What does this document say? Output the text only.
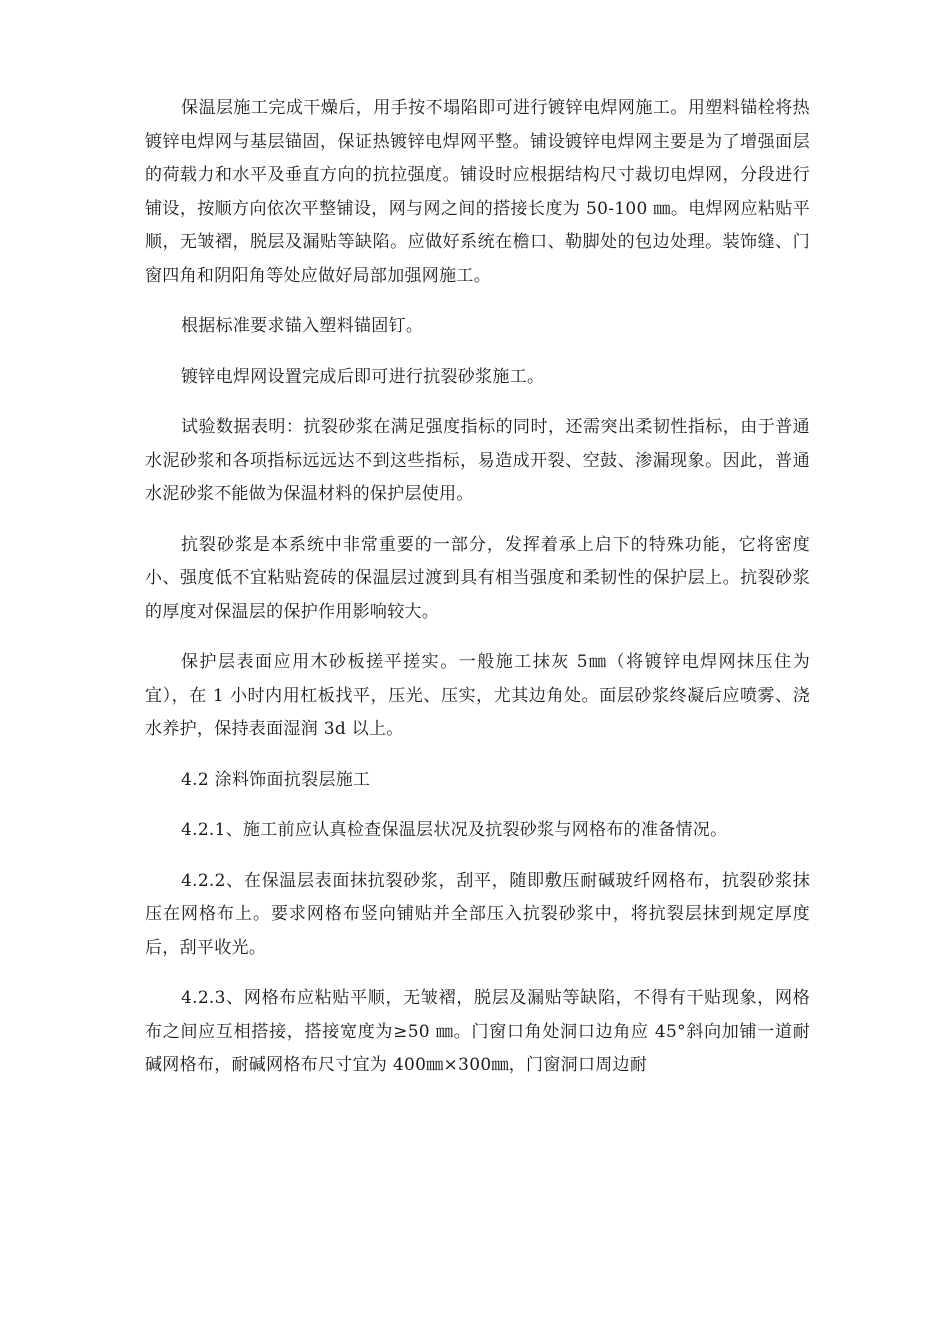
保温层施工完成干燥后，用手按不塌陷即可进行镀锌电焊网施工。用塑料锚栓将热镀锌电焊网与基层锚固，保证热镀锌电焊网平整。铺设镀锌电焊网主要是为了增强面层的荷载力和水平及垂直方向的抗拉强度。铺设时应根据结构尺寸裁切电焊网，分段进行铺设，按顺方向依次平整铺设，网与网之间的搭接长度为 50-100 ㎜。电焊网应粘贴平顺，无皱褶，脱层及漏贴等缺陷。应做好系统在檐口、勒脚处的包边处理。装饰缝、门窗四角和阴阳角等处应做好局部加强网施工。

根据标准要求锚入塑料锚固钉。

镀锌电焊网设置完成后即可进行抗裂砂浆施工。

试验数据表明：抗裂砂浆在满足强度指标的同时，还需突出柔韧性指标，由于普通水泥砂浆和各项指标远远达不到这些指标，易造成开裂、空鼓、渗漏现象。因此，普通水泥砂浆不能做为保温材料的保护层使用。

抗裂砂浆是本系统中非常重要的一部分，发挥着承上启下的特殊功能，它将密度小、强度低不宜粘贴瓷砖的保温层过渡到具有相当强度和柔韧性的保护层上。抗裂砂浆的厚度对保温层的保护作用影响较大。

保护层表面应用木砂板搓平搓实。一般施工抹灰 5㎜（将镀锌电焊网抹压住为宜），在 1 小时内用杠板找平，压光、压实，尤其边角处。面层砂浆终凝后应喷雾、浇水养护，保持表面湿润 3d 以上。

4.2 涂料饰面抗裂层施工

4.2.1、施工前应认真检查保温层状况及抗裂砂浆与网格布的准备情况。

4.2.2、在保温层表面抹抗裂砂浆，刮平，随即敷压耐碱玻纤网格布，抗裂砂浆抹压在网格布上。要求网格布竖向铺贴并全部压入抗裂砂浆中，将抗裂层抹到规定厚度后，刮平收光。

4.2.3、网格布应粘贴平顺，无皱褶，脱层及漏贴等缺陷，不得有干贴现象，网格布之间应互相搭接，搭接宽度为≥50 ㎜。门窗口角处洞口边角应 45°斜向加铺一道耐碱网格布，耐碱网格布尺寸宜为 400㎜×300㎜，门窗洞口周边耐
